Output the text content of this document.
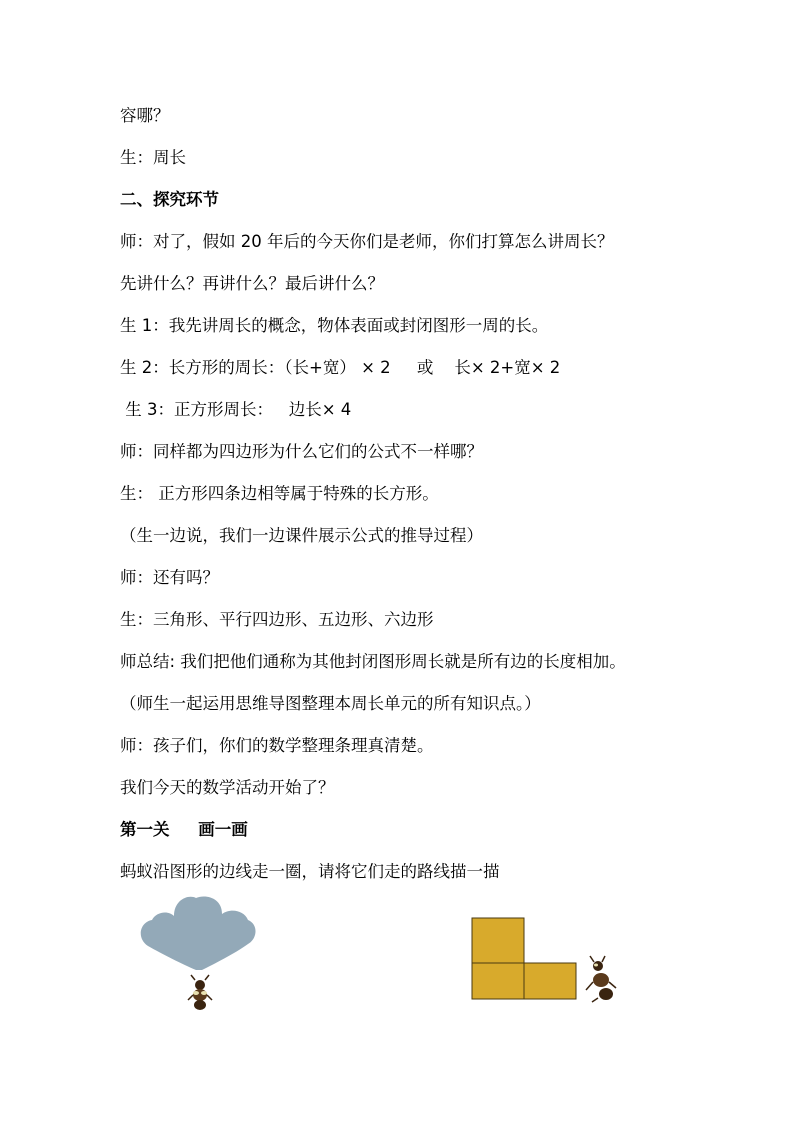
容哪？
生：周长
二、探究环节
师：对了，假如 20 年后的今天你们是老师，你们打算怎么讲周长？
先讲什么？再讲什么？最后讲什么？
生 1：我先讲周长的概念，物体表面或封闭图形一周的长。
生 2：长方形的周长：（长+宽） × 2     或    长× 2+宽× 2
生 3：正方形周长：   边长× 4
师：同样都为四边形为什么它们的公式不一样哪？
生： 正方形四条边相等属于特殊的长方形。
（生一边说，我们一边课件展示公式的推导过程）
师：还有吗？
生：三角形、平行四边形、五边形、六边形
师总结: 我们把他们通称为其他封闭图形周长就是所有边的长度相加。
（师生一起运用思维导图整理本周长单元的所有知识点。）
师：孩子们，你们的数学整理条理真清楚。
我们今天的数学活动开始了？
第一关     画一画
蚂蚁沿图形的边线走一圈，请将它们走的路线描一描
